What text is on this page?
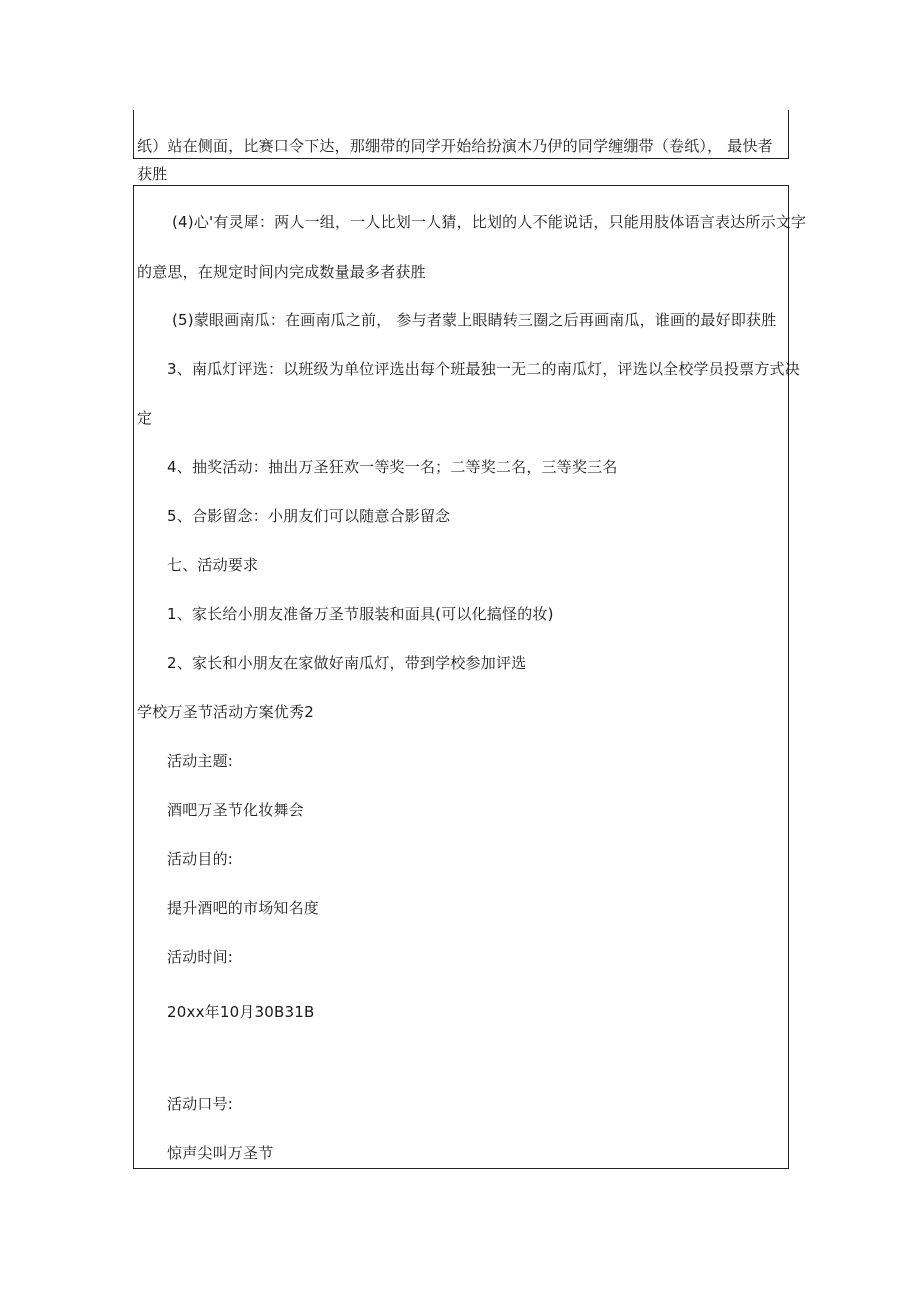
纸）站在侧面，比赛口令下达，那绷带的同学开始给扮演木乃伊的同学缠绷带（卷纸）， 最快者
获胜
(4)心'有灵犀：两人一组，一人比划一人猜，比划的人不能说话，只能用肢体语言表达所示文字
的意思，在规定时间内完成数量最多者获胜
(5)蒙眼画南瓜：在画南瓜之前， 参与者蒙上眼睛转三圈之后再画南瓜，谁画的最好即获胜
3、南瓜灯评选：以班级为单位评选出每个班最独一无二的南瓜灯，评选以全校学员投票方式决
定
4、抽奖活动：抽出万圣狂欢一等奖一名；二等奖二名，三等奖三名
5、合影留念：小朋友们可以随意合影留念
七、活动要求
1、家长给小朋友准备万圣节服装和面具(可以化搞怪的妆)
2、家长和小朋友在家做好南瓜灯，带到学校参加评选
学校万圣节活动方案优秀2
活动主题:
酒吧万圣节化妆舞会
活动目的:
提升酒吧的市场知名度
活动时间:
20xx年10月30B31B
活动口号:
惊声尖叫万圣节
